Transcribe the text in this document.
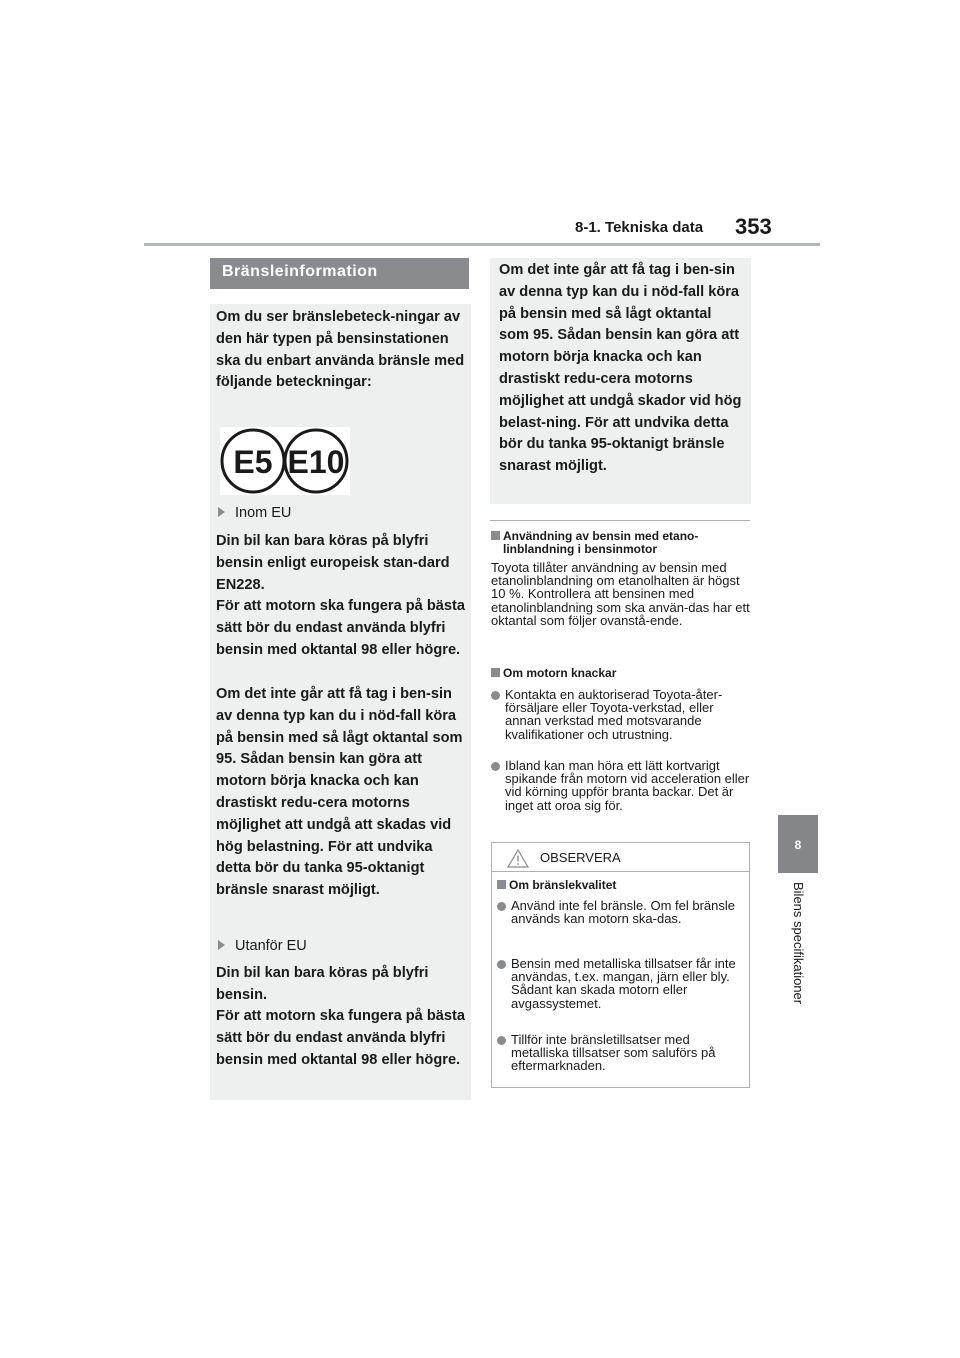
8-1. Tekniska data 353
8
Bilens specifikationer
Bränsleinformation
Om du ser bränslebeteck-ningar av den här typen på bensinstationen ska du enbart använda bränsle med följande beteckningar:
E5 E10
Inom EU
Din bil kan bara köras på blyfri bensin enligt europeisk stan-dard EN228.
För att motorn ska fungera på bästa sätt bör du endast använda blyfri bensin med oktantal 98 eller högre.
Om det inte går att få tag i ben-sin av denna typ kan du i nöd-fall köra på bensin med så lågt oktantal som 95. Sådan bensin kan göra att motorn börja knacka och kan drastiskt redu-cera motorns möjlighet att undgå att skadas vid hög belastning. För att undvika detta bör du tanka 95-oktanigt bränsle snarast möjligt.
Utanför EU
Din bil kan bara köras på blyfri bensin.
För att motorn ska fungera på bästa sätt bör du endast använda blyfri bensin med oktantal 98 eller högre.
Om det inte går att få tag i ben-sin av denna typ kan du i nöd-fall köra på bensin med så lågt oktantal som 95. Sådan bensin kan göra att motorn börja knacka och kan drastiskt redu-cera motorns möjlighet att undgå skador vid hög belast-ning. För att undvika detta bör du tanka 95-oktanigt bränsle snarast möjligt.
Användning av bensin med etano-
linblandning i bensinmotor
Toyota tillåter användning av bensin med etanolinblandning om etanolhalten är högst 10 %. Kontrollera att bensinen med etanolinblandning som ska använ-das har ett oktantal som följer ovanstå-ende.
Om motorn knackar
Kontakta en auktoriserad Toyota-åter-försäljare eller Toyota-verkstad, eller annan verkstad med motsvarande kvalifikationer och utrustning.
Ibland kan man höra ett lätt kortvarigt spikande från motorn vid acceleration eller vid körning uppför branta backar. Det är inget att oroa sig för.
OBSERVERA
Om bränslekvalitet
Använd inte fel bränsle. Om fel bränsle används kan motorn ska-das.
Bensin med metalliska tillsatser får inte användas, t.ex. mangan, järn eller bly. Sådant kan skada motorn eller avgassystemet.
Tillför inte bränsletillsatser med metalliska tillsatser som saluförs på eftermarknaden.
